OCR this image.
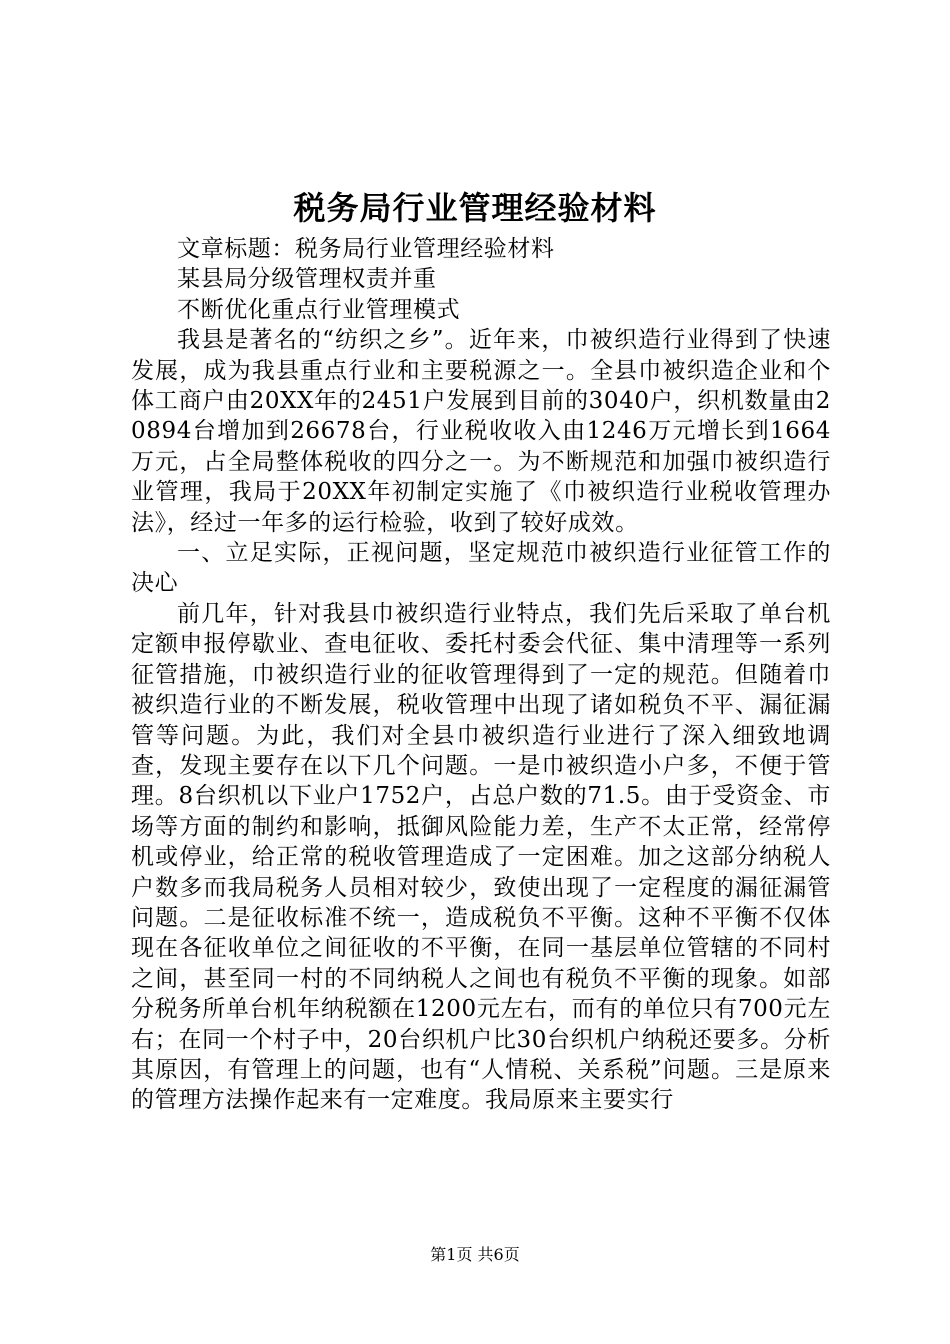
税务局行业管理经验材料

文章标题：税务局行业管理经验材料

某县局分级管理权责并重

不断优化重点行业管理模式

我县是著名的“纺织之乡”。近年来，巾被织造行业得到了快速发展，成为我县重点行业和主要税源之一。全县巾被织造企业和个体工商户由20XX年的2451户发展到目前的3040户，织机数量由20894台增加到26678台，行业税收收入由1246万元增长到1664万元，占全局整体税收的四分之一。为不断规范和加强巾被织造行业管理，我局于20XX年初制定实施了《巾被织造行业税收管理办法》，经过一年多的运行检验，收到了较好成效。

一、立足实际，正视问题，坚定规范巾被织造行业征管工作的决心

前几年，针对我县巾被织造行业特点，我们先后采取了单台机定额申报停歇业、查电征收、委托村委会代征、集中清理等一系列征管措施，巾被织造行业的征收管理得到了一定的规范。但随着巾被织造行业的不断发展，税收管理中出现了诸如税负不平、漏征漏管等问题。为此，我们对全县巾被织造行业进行了深入细致地调查，发现主要存在以下几个问题。一是巾被织造小户多，不便于管理。8台织机以下业户1752户，占总户数的71.5。由于受资金、市场等方面的制约和影响，抵御风险能力差，生产不太正常，经常停机或停业，给正常的税收管理造成了一定困难。加之这部分纳税人户数多而我局税务人员相对较少，致使出现了一定程度的漏征漏管问题。二是征收标准不统一，造成税负不平衡。这种不平衡不仅体现在各征收单位之间征收的不平衡，在同一基层单位管辖的不同村之间，甚至同一村的不同纳税人之间也有税负不平衡的现象。如部分税务所单台机年纳税额在1200元左右，而有的单位只有700元左右；在同一个村子中，20台织机户比30台织机户纳税还要多。分析其原因，有管理上的问题，也有“人情税、关系税”问题。三是原来的管理方法操作起来有一定难度。我局原来主要实行

第1页 共6页
